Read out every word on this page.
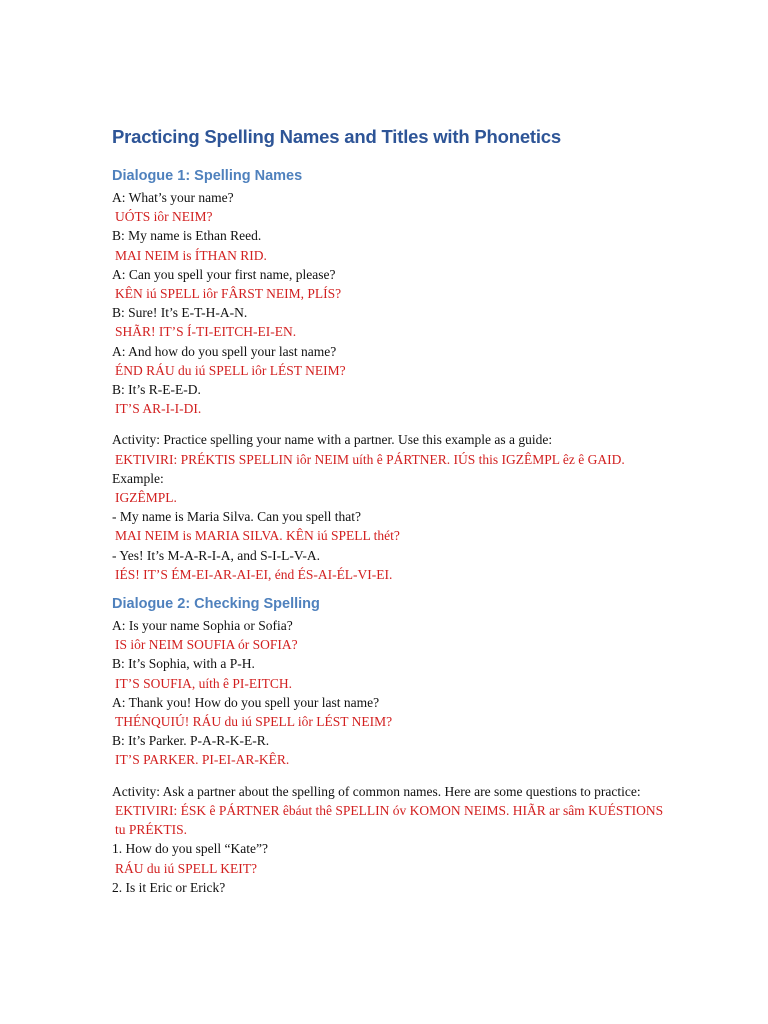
Practicing Spelling Names and Titles with Phonetics
Dialogue 1: Spelling Names
A: What’s your name?
UÓTS iôr NEIM?
B: My name is Ethan Reed.
MAI NEIM is ÍTHAN RID.
A: Can you spell your first name, please?
KÊN iú SPELL iôr FÂRST NEIM, PLÍS?
B: Sure! It’s E-T-H-A-N.
SHÃR! IT’S Í-TI-EITCH-EI-EN.
A: And how do you spell your last name?
ÉND RÁU du iú SPELL iôr LÉST NEIM?
B: It’s R-E-E-D.
IT’S AR-I-I-DI.
Activity: Practice spelling your name with a partner. Use this example as a guide:
EKTIVIRI: PRÉKTIS SPELLIN iôr NEIM uíth ê PÁRTNER. IÚS this IGZÊMPL êz ê GAID.
Example:
IGZÊMPL.
- My name is Maria Silva. Can you spell that?
MAI NEIM is MARIA SILVA. KÊN iú SPELL thét?
- Yes! It’s M-A-R-I-A, and S-I-L-V-A.
IÉS! IT’S ÉM-EI-AR-AI-EI, énd ÉS-AI-ÉL-VI-EI.
Dialogue 2: Checking Spelling
A: Is your name Sophia or Sofia?
IS iôr NEIM SOUFIA ór SOFIA?
B: It’s Sophia, with a P-H.
IT’S SOUFIA, uíth ê PI-EITCH.
A: Thank you! How do you spell your last name?
THÉNQUIÚ! RÁU du iú SPELL iôr LÉST NEIM?
B: It’s Parker. P-A-R-K-E-R.
IT’S PARKER. PI-EI-AR-KÊR.
Activity: Ask a partner about the spelling of common names. Here are some questions to practice:
EKTIVIRI: ÉSK ê PÁRTNER êbáut thê SPELLIN óv KOMON NEIMS. HIÃR ar sâm KUÉSTIONS tu PRÉKTIS.
1. How do you spell “Kate”?
RÁU du iú SPELL KEIT?
2. Is it Eric or Erick?
